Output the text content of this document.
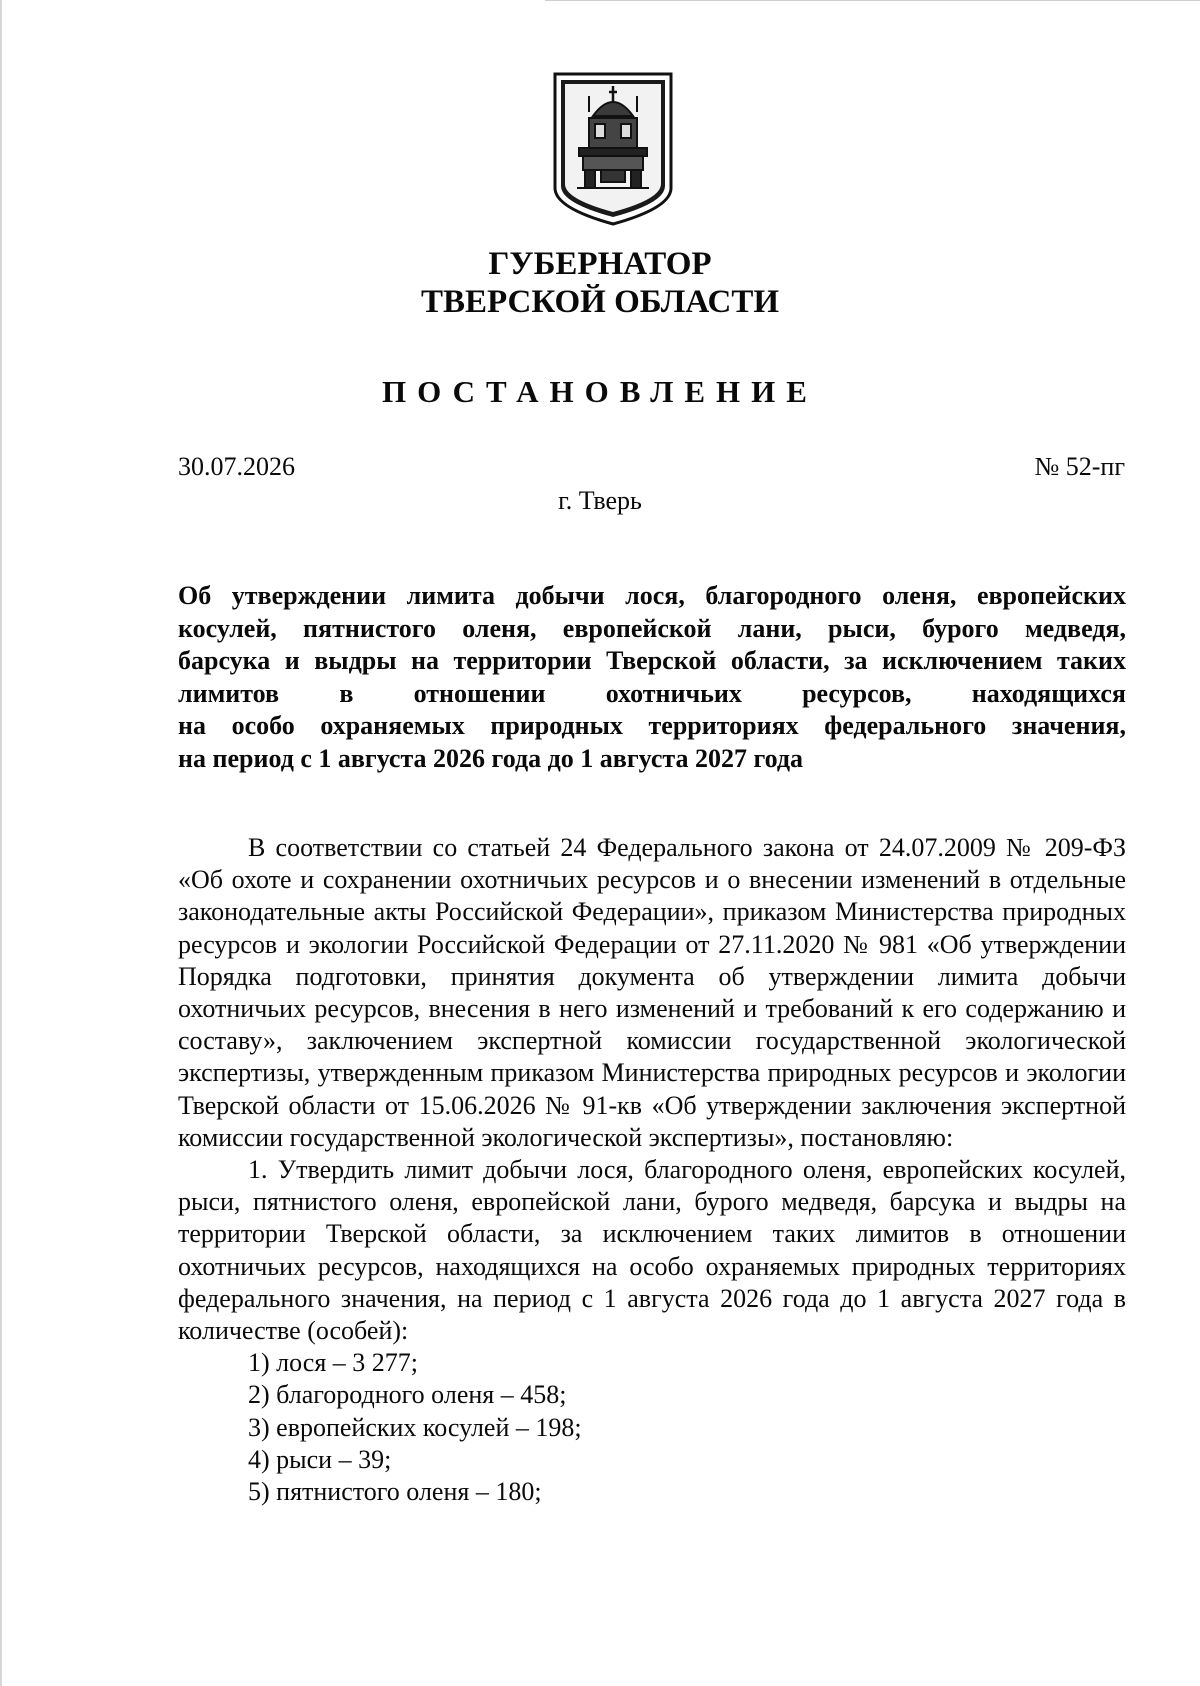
ГУБЕРНАТОР
ТВЕРСКОЙ ОБЛАСТИ
ПОСТАНОВЛЕНИЕ
30.07.2026	№ 52-пг
г. Тверь
Об утверждении лимита добычи лося, благородного оленя, европейских
косулей, пятнистого оленя, европейской лани, рыси, бурого медведя,
барсука и выдры на территории Тверской области, за исключением таких
лимитов в отношении охотничьих ресурсов, находящихся
на особо охраняемых природных территориях федерального значения,
на период с 1 августа 2026 года до 1 августа 2027 года

В соответствии со статьей 24 Федерального закона от 24.07.2009 № 209-ФЗ «Об охоте и сохранении охотничьих ресурсов и о внесении изменений в отдельные законодательные акты Российской Федерации», приказом Министерства природных ресурсов и экологии Российской Федерации от 27.11.2020 № 981 «Об утверждении Порядка подготовки, принятия документа об утверждении лимита добычи охотничьих ресурсов, внесения в него изменений и требований к его содержанию и составу», заключением экспертной комиссии государственной экологической экспертизы, утвержденным приказом Министерства природных ресурсов и экологии Тверской области от 15.06.2026 № 91-кв «Об утверждении заключения экспертной комиссии государственной экологической экспертизы», постановляю:

1. Утвердить лимит добычи лося, благородного оленя, европейских косулей, рыси, пятнистого оленя, европейской лани, бурого медведя, барсука и выдры на территории Тверской области, за исключением таких лимитов в отношении охотничьих ресурсов, находящихся на особо охраняемых природных территориях федерального значения, на период с 1 августа 2026 года до 1 августа 2027 года в количестве (особей):

1) лося – 3 277;
2) благородного оленя – 458;
3) европейских косулей – 198;
4) рыси – 39;
5) пятнистого оленя – 180;
